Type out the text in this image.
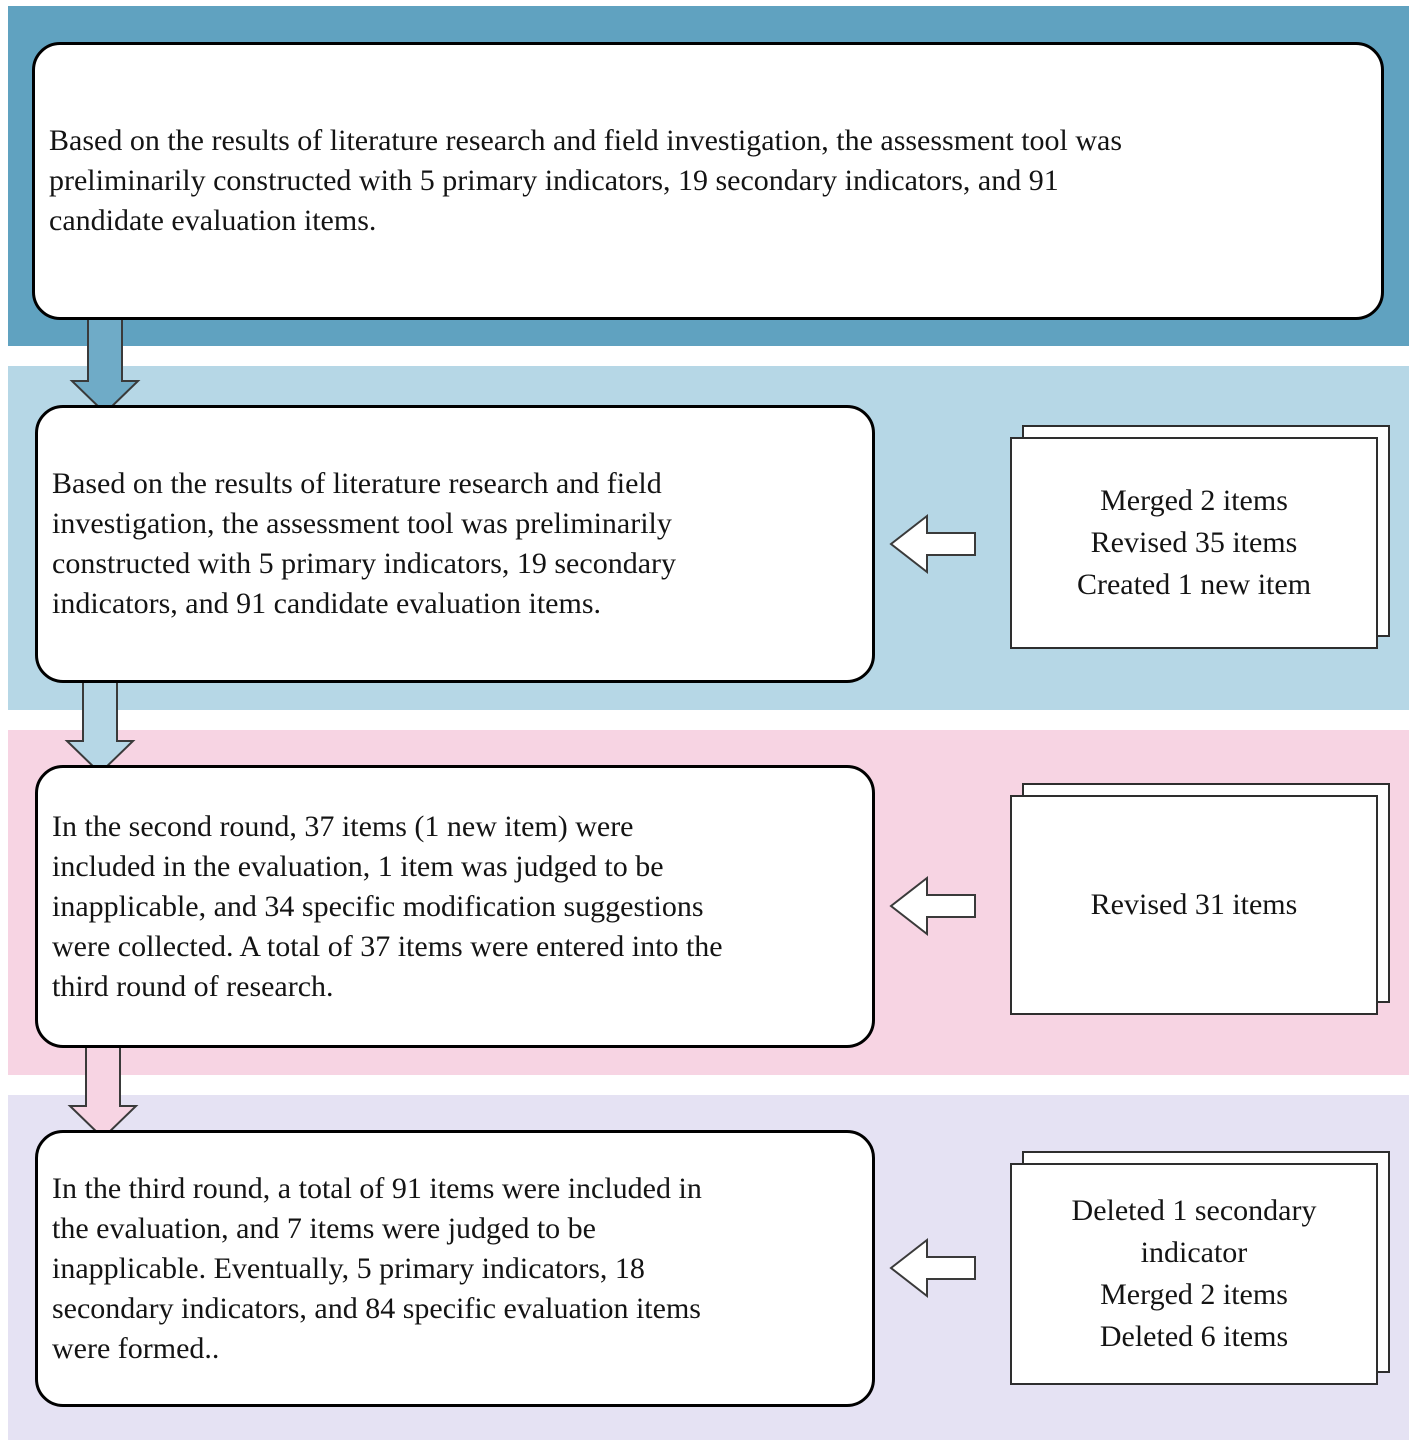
Based on the results of literature research and field investigation, the assessment tool was
preliminarily constructed with 5 primary indicators, 19 secondary indicators, and 91
candidate evaluation items.
Based on the results of literature research and field
investigation, the assessment tool was preliminarily
constructed with 5 primary indicators, 19 secondary
indicators, and 91 candidate evaluation items.
Merged 2 items
Revised 35 items
Created 1 new item
In the second round, 37 items (1 new item) were
included in the evaluation, 1 item was judged to be
inapplicable, and 34 specific modification suggestions
were collected. A total of 37 items were entered into the
third round of research.
Revised 31 items
In the third round, a total of 91 items were included in
the evaluation, and 7 items were judged to be
inapplicable. Eventually, 5 primary indicators, 18
secondary indicators, and 84 specific evaluation items
were formed..
Deleted 1 secondary indicator
Merged 2 items
Deleted 6 items
